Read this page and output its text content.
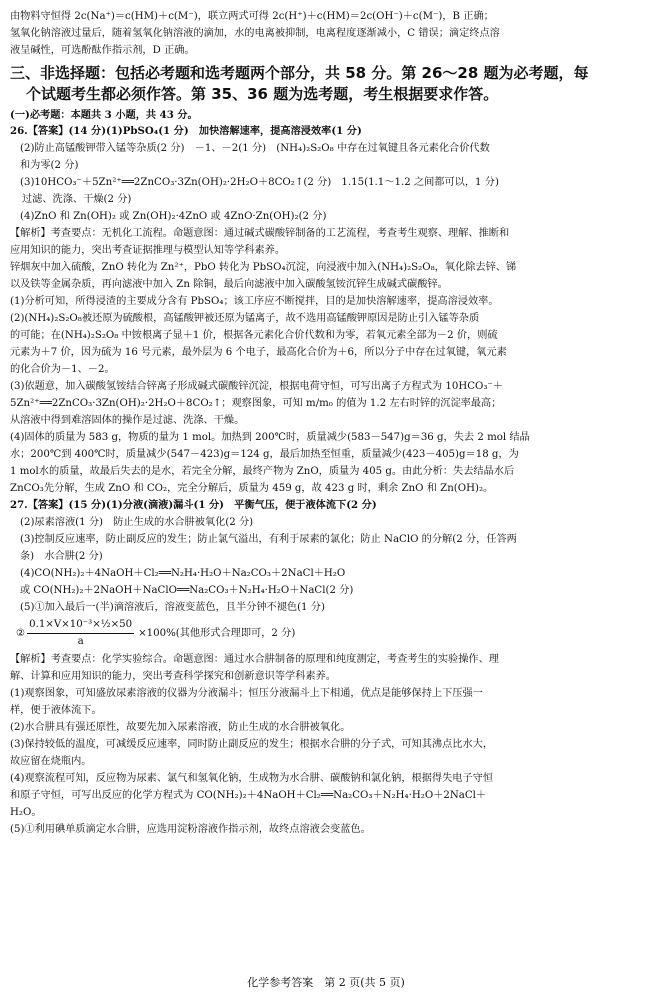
由物料守恒得 2c(Na⁺)＝c(HM)＋c(M⁻)，联立两式可得 2c(H⁺)＋c(HM)＝2c(OH⁻)＋c(M⁻)，B 正确；

氢氧化钠溶液过量后，随着氢氧化钠溶液的滴加，水的电离被抑制，电离程度逐渐减小，C 错误；滴定终点溶

液呈碱性，可选酚酞作指示剂，D 正确。

三、非选择题：包括必考题和选考题两个部分，共 58 分。第 26～28 题为必考题，每
个试题考生都必须作答。第 35、36 题为选考题，考生根据要求作答。

(一)必考题：本题共 3 小题，共 43 分。

26.【答案】(14 分)(1)PbSO₄(1 分)　加快溶解速率，提高溶浸效率(1 分)

(2)防止高锰酸钾带入锰等杂质(2 分)　－1、－2(1 分)　(NH₄)₂S₂O₈ 中存在过氧键且各元素化合价代数

和为零(2 分)

(3)10HCO₃⁻＋5Zn²⁺══2ZnCO₃·3Zn(OH)₂·2H₂O＋8CO₂↑(2 分)　1.15(1.1～1.2 之间都可以，1 分)

过滤、洗涤、干燥(2 分)

(4)ZnO 和 Zn(OH)₂ 或 Zn(OH)₂·4ZnO 或 4ZnO·Zn(OH)₂(2 分)

【解析】考查要点：无机化工流程。命题意图：通过碱式碳酸锌制备的工艺流程，考查考生观察、理解、推断和

应用知识的能力，突出考查证据推理与模型认知等学科素养。

锌烟灰中加入硫酸，ZnO 转化为 Zn²⁺，PbO 转化为 PbSO₄沉淀，向浸液中加入(NH₄)₂S₂O₈，氧化除去锌、锑

以及铁等金属杂质，再向滤液中加入 Zn 除铜，最后向滤液中加入碳酸氢铵沉锌生成碱式碳酸锌。

(1)分析可知，所得浸渣的主要成分含有 PbSO₄；该工序应不断搅拌，目的是加快溶解速率，提高溶浸效率。

(2)(NH₄)₂S₂O₈被还原为硫酸根，高锰酸钾被还原为锰离子，故不选用高锰酸钾原因是防止引入锰等杂质

的可能；在(NH₄)₂S₂O₈ 中铵根离子显＋1 价，根据各元素化合价代数和为零，若氧元素全部为－2 价，则硫

元素为＋7 价，因为硫为 16 号元素，最外层为 6 个电子，最高化合价为＋6，所以分子中存在过氧键，氧元素

的化合价为－1、－2。

(3)依题意，加入碳酸氢铵结合锌离子形成碱式碳酸锌沉淀，根据电荷守恒，可写出离子方程式为 10HCO₃⁻＋

5Zn²⁺══2ZnCO₃·3Zn(OH)₂·2H₂O＋8CO₂↑；观察图象，可知 m/m₀ 的值为 1.2 左右时锌的沉淀率最高；

从溶液中得到难溶固体的操作是过滤、洗涤、干燥。

(4)固体的质量为 583 g，物质的量为 1 mol。加热到 200℃时，质量减少(583－547)g＝36 g，失去 2 mol 结晶

水；200℃到 400℃时，质量减少(547－423)g＝124 g，最后加热至恒重，质量减少(423－405)g＝18 g，为

1 mol水的质量，故最后失去的是水，若完全分解，最终产物为 ZnO，质量为 405 g。由此分析：失去结晶水后

ZnCO₃先分解，生成 ZnO 和 CO₂，完全分解后，质量为 459 g，故 423 g 时，剩余 ZnO 和 Zn(OH)₂。

27.【答案】(15 分)(1)分液(滴液)漏斗(1 分)　平衡气压，便于液体流下(2 分)

(2)尿素溶液(1 分)　防止生成的水合肼被氧化(2 分)

(3)控制反应速率，防止副反应的发生；防止氯气溢出，有利于尿素的氯化；防止 NaClO 的分解(2 分，任答两

条)　水合肼(2 分)

(4)CO(NH₂)₂＋4NaOH＋Cl₂══N₂H₄·H₂O＋Na₂CO₃＋2NaCl＋H₂O

或 CO(NH₂)₂＋2NaOH＋NaClO══Na₂CO₃＋N₂H₄·H₂O＋NaCl(2 分)

(5)①加入最后一(半)滴溶液后，溶液变蓝色，且半分钟不褪色(1 分)

② $\frac{\text{0.1×V×10⁻³×½×50}}{a} \times 100\%$(其他形式合理即可，2 分)

【解析】考查要点：化学实验综合。命题意图：通过水合肼制备的原理和纯度测定，考查考生的实验操作、理

解、计算和应用知识的能力，突出考查科学探究和创新意识等学科素养。

(1)观察图象，可知盛放尿素溶液的仪器为分液漏斗；恒压分液漏斗上下相通，优点是能够保持上下压强一

样，便于液体流下。

(2)水合肼具有强还原性，故要先加入尿素溶液，防止生成的水合肼被氧化。

(3)保持较低的温度，可减缓反应速率，同时防止副反应的发生；根据水合肼的分子式，可知其沸点比水大，

故应留在烧瓶内。

(4)观察流程可知，反应物为尿素、氯气和氢氧化钠，生成物为水合肼、碳酸钠和氯化钠，根据得失电子守恒

和原子守恒，可写出反应的化学方程式为 CO(NH₂)₂＋4NaOH＋Cl₂══Na₂CO₃＋N₂H₄·H₂O＋2NaCl＋

H₂O。

(5)①利用碘单质滴定水合肼，应选用淀粉溶液作指示剂，故终点溶液会变蓝色。

化学参考答案　第 2 页(共 5 页)
